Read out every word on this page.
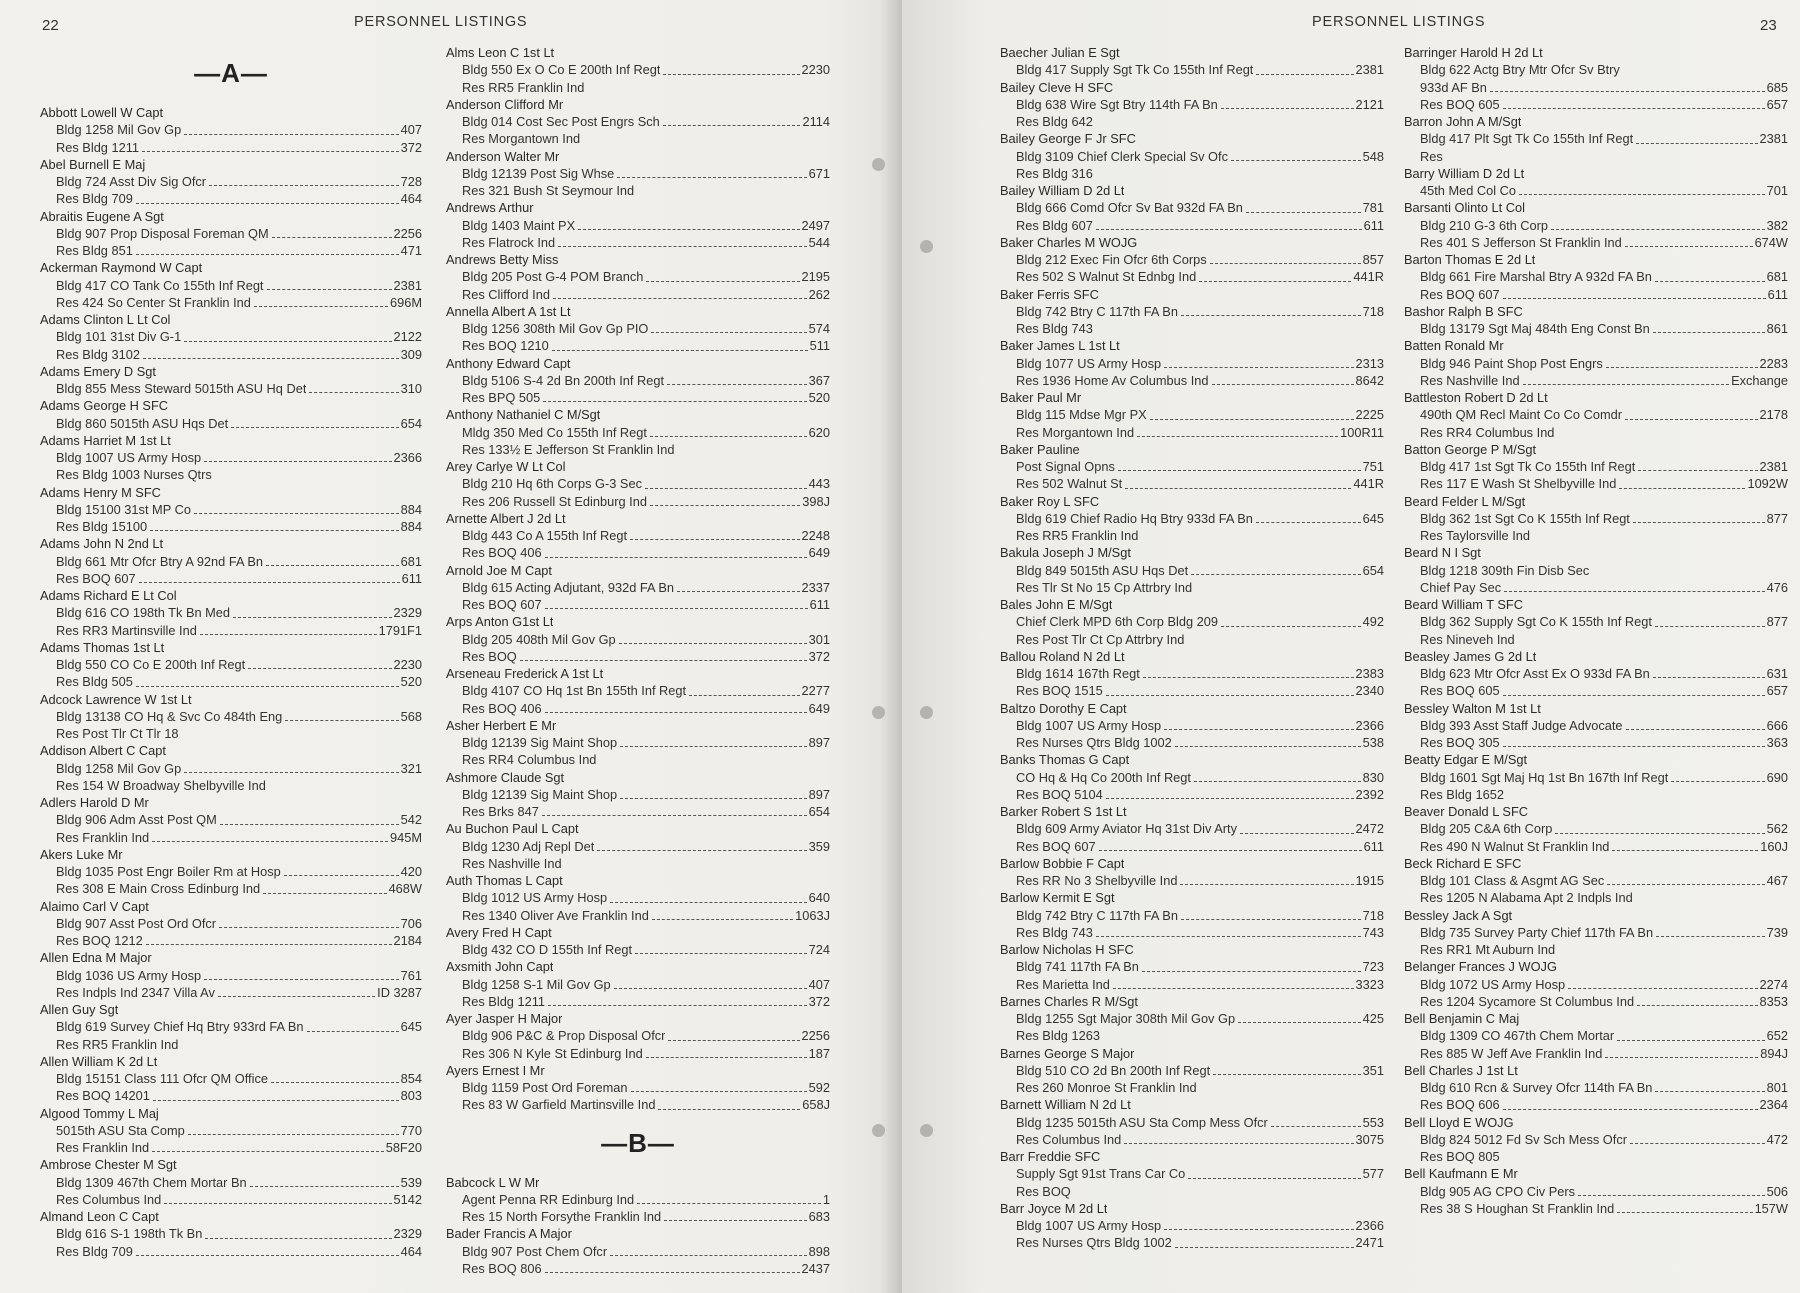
22	PERSONNEL LISTINGS
—A—
Abbott Lowell W Capt
Bldg 1258 Mil Gov Gp	407
Res Bldg 1211	372
Abel Burnell E Maj
Bldg 724 Asst Div Sig Ofcr	728
Res Bldg 709	464
Abraitis Eugene A Sgt
Bldg 907 Prop Disposal Foreman QM	2256
Res Bldg 851	471
Ackerman Raymond W Capt
Bldg 417 CO Tank Co 155th Inf Regt	2381
Res 424 So Center St Franklin Ind	696M
Adams Clinton L Lt Col
Bldg 101 31st Div G-1	2122
Res Bldg 3102	309
Adams Emery D Sgt
Bldg 855 Mess Steward 5015th ASU Hq Det	310
Adams George H SFC
Bldg 860 5015th ASU Hqs Det	654
Adams Harriet M 1st Lt
Bldg 1007 US Army Hosp	2366
Res Bldg 1003 Nurses Qtrs
Adams Henry M SFC
Bldg 15100 31st MP Co	884
Res Bldg 15100	884
Adams John N 2nd Lt
Bldg 661 Mtr Ofcr Btry A 92nd FA Bn	681
Res BOQ 607	611
Adams Richard E Lt Col
Bldg 616 CO 198th Tk Bn Med	2329
Res RR3 Martinsville Ind	1791F1
Adams Thomas 1st Lt
Bldg 550 CO Co E 200th Inf Regt	2230
Res Bldg 505	520
Adcock Lawrence W 1st Lt
Bldg 13138 CO Hq & Svc Co 484th Eng	568
Res Post Tlr Ct Tlr 18
Addison Albert C Capt
Bldg 1258 Mil Gov Gp	321
Res 154 W Broadway Shelbyville Ind
Adlers Harold D Mr
Bldg 906 Adm Asst Post QM	542
Res Franklin Ind	945M
Akers Luke Mr
Bldg 1035 Post Engr Boiler Rm at Hosp	420
Res 308 E Main Cross Edinburg Ind	468W
Alaimo Carl V Capt
Bldg 907 Asst Post Ord Ofcr	706
Res BOQ 1212	2184
Allen Edna M Major
Bldg 1036 US Army Hosp	761
Res Indpls Ind 2347 Villa Av	ID 3287
Allen Guy Sgt
Bldg 619 Survey Chief Hq Btry 933rd FA Bn	645
Res RR5 Franklin Ind
Allen William K 2d Lt
Bldg 15151 Class 111 Ofcr QM Office	854
Res BOQ 14201	803
Algood Tommy L Maj
5015th ASU Sta Comp	770
Res Franklin Ind	58F20
Ambrose Chester M Sgt
Bldg 1309 467th Chem Mortar Bn	539
Res Columbus Ind	5142
Almand Leon C Capt
Bldg 616 S-1 198th Tk Bn	2329
Res Bldg 709	464
Alms Leon C 1st Lt
Bldg 550 Ex O Co E 200th Inf Regt	2230
Res RR5 Franklin Ind
Anderson Clifford Mr
Bldg 014 Cost Sec Post Engrs Sch	2114
Res Morgantown Ind
Anderson Walter Mr
Bldg 12139 Post Sig Whse	671
Res 321 Bush St Seymour Ind
Andrews Arthur
Bldg 1403 Maint PX	2497
Res Flatrock Ind	544
Andrews Betty Miss
Bldg 205 Post G-4 POM Branch	2195
Res Clifford Ind	262
Annella Albert A 1st Lt
Bldg 1256 308th Mil Gov Gp PIO	574
Res BOQ 1210	511
Anthony Edward Capt
Bldg 5106 S-4 2d Bn 200th Inf Regt	367
Res BPQ 505	520
Anthony Nathaniel C M/Sgt
Mldg 350 Med Co 155th Inf Regt	620
Res 133½ E Jefferson St Franklin Ind
Arey Carlye W Lt Col
Bldg 210 Hq 6th Corps G-3 Sec	443
Res 206 Russell St Edinburg Ind	398J
Arnette Albert J 2d Lt
Bldg 443 Co A 155th Inf Regt	2248
Res BOQ 406	649
Arnold Joe M Capt
Bldg 615 Acting Adjutant, 932d FA Bn	2337
Res BOQ 607	611
Arps Anton G1st Lt
Bldg 205 408th Mil Gov Gp	301
Res BOQ	372
Arseneau Frederick A 1st Lt
Bldg 4107 CO Hq 1st Bn 155th Inf Regt	2277
Res BOQ 406	649
Asher Herbert E Mr
Bldg 12139 Sig Maint Shop	897
Res RR4 Columbus Ind
Ashmore Claude Sgt
Bldg 12139 Sig Maint Shop	897
Res Brks 847	654
Au Buchon Paul L Capt
Bldg 1230 Adj Repl Det	359
Res Nashville Ind
Auth Thomas L Capt
Bldg 1012 US Army Hosp	640
Res 1340 Oliver Ave Franklin Ind	1063J
Avery Fred H Capt
Bldg 432 CO D 155th Inf Regt	724
Axsmith John Capt
Bldg 1258 S-1 Mil Gov Gp	407
Res Bldg 1211	372
Ayer Jasper H Major
Bldg 906 P&C & Prop Disposal Ofcr	2256
Res 306 N Kyle St Edinburg Ind	187
Ayers Ernest I Mr
Bldg 1159 Post Ord Foreman	592
Res 83 W Garfield Martinsville Ind	658J
—B—
Babcock L W Mr
Agent Penna RR Edinburg Ind	1
Res 15 North Forsythe Franklin Ind	683
Bader Francis A Major
Bldg 907 Post Chem Ofcr	898
Res BOQ 806	2437
PERSONNEL LISTINGS	23
Baecher Julian E Sgt
Bldg 417 Supply Sgt Tk Co 155th Inf Regt	2381
Bailey Cleve H SFC
Bldg 638 Wire Sgt Btry 114th FA Bn	2121
Res Bldg 642
Bailey George F Jr SFC
Bldg 3109 Chief Clerk Special Sv Ofc	548
Res Bldg 316
Bailey William D 2d Lt
Bldg 666 Comd Ofcr Sv Bat 932d FA Bn	781
Res Bldg 607	611
Baker Charles M WOJG
Bldg 212 Exec Fin Ofcr 6th Corps	857
Res 502 S Walnut St Ednbg Ind	441R
Baker Ferris SFC
Bldg 742 Btry C 117th FA Bn	718
Res Bldg 743
Baker James L 1st Lt
Bldg 1077 US Army Hosp	2313
Res 1936 Home Av Columbus Ind	8642
Baker Paul Mr
Bldg 115 Mdse Mgr PX	2225
Res Morgantown Ind	100R11
Baker Pauline
Post Signal Opns	751
Res 502 Walnut St	441R
Baker Roy L SFC
Bldg 619 Chief Radio Hq Btry 933d FA Bn	645
Res RR5 Franklin Ind
Bakula Joseph J M/Sgt
Bldg 849 5015th ASU Hqs Det	654
Res Tlr St No 15 Cp Attrbry Ind
Bales John E M/Sgt
Chief Clerk MPD 6th Corp Bldg 209	492
Res Post Tlr Ct Cp Attrbry Ind
Ballou Roland N 2d Lt
Bldg 1614 167th Regt	2383
Res BOQ 1515	2340
Baltzo Dorothy E Capt
Bldg 1007 US Army Hosp	2366
Res Nurses Qtrs Bldg 1002	538
Banks Thomas G Capt
CO Hq & Hq Co 200th Inf Regt	830
Res BOQ 5104	2392
Barker Robert S 1st Lt
Bldg 609 Army Aviator Hq 31st Div Arty	2472
Res BOQ 607	611
Barlow Bobbie F Capt
Res RR No 3 Shelbyville Ind	1915
Barlow Kermit E Sgt
Bldg 742 Btry C 117th FA Bn	718
Res Bldg 743	743
Barlow Nicholas H SFC
Bldg 741 117th FA Bn	723
Res Marietta Ind	3323
Barnes Charles R M/Sgt
Bldg 1255 Sgt Major 308th Mil Gov Gp	425
Res Bldg 1263
Barnes George S Major
Bldg 510 CO 2d Bn 200th Inf Regt	351
Res 260 Monroe St Franklin Ind
Barnett William N 2d Lt
Bldg 1235 5015th ASU Sta Comp Mess Ofcr	553
Res Columbus Ind	3075
Barr Freddie SFC
Supply Sgt 91st Trans Car Co	577
Res BOQ
Barr Joyce M 2d Lt
Bldg 1007 US Army Hosp	2366
Res Nurses Qtrs Bldg 1002	2471
Barringer Harold H 2d Lt
Bldg 622 Actg Btry Mtr Ofcr Sv Btry
933d AF Bn	685
Res BOQ 605	657
Barron John A M/Sgt
Bldg 417 Plt Sgt Tk Co 155th Inf Regt	2381
Res
Barry William D 2d Lt
45th Med Col Co	701
Barsanti Olinto Lt Col
Bldg 210 G-3 6th Corp	382
Res 401 S Jefferson St Franklin Ind	674W
Barton Thomas E 2d Lt
Bldg 661 Fire Marshal Btry A 932d FA Bn	681
Res BOQ 607	611
Bashor Ralph B SFC
Bldg 13179 Sgt Maj 484th Eng Const Bn	861
Batten Ronald Mr
Bldg 946 Paint Shop Post Engrs	2283
Res Nashville Ind	Exchange
Battleston Robert D 2d Lt
490th QM Recl Maint Co Co Comdr	2178
Res RR4 Columbus Ind
Batton George P M/Sgt
Bldg 417 1st Sgt Tk Co 155th Inf Regt	2381
Res 117 E Wash St Shelbyville Ind	1092W
Beard Felder L M/Sgt
Bldg 362 1st Sgt Co K 155th Inf Regt	877
Res Taylorsville Ind
Beard N I Sgt
Bldg 1218 309th Fin Disb Sec
Chief Pay Sec	476
Beard William T SFC
Bldg 362 Supply Sgt Co K 155th Inf Regt	877
Res Nineveh Ind
Beasley James G 2d Lt
Bldg 623 Mtr Ofcr Asst Ex O 933d FA Bn	631
Res BOQ 605	657
Bessley Walton M 1st Lt
Bldg 393 Asst Staff Judge Advocate	666
Res BOQ 305	363
Beatty Edgar E M/Sgt
Bldg 1601 Sgt Maj Hq 1st Bn 167th Inf Regt	690
Res Bldg 1652
Beaver Donald L SFC
Bldg 205 C&A 6th Corp	562
Res 490 N Walnut St Franklin Ind	160J
Beck Richard E SFC
Bldg 101 Class & Asgmt AG Sec	467
Res 1205 N Alabama Apt 2 Indpls Ind
Bessley Jack A Sgt
Bldg 735 Survey Party Chief 117th FA Bn	739
Res RR1 Mt Auburn Ind
Belanger Frances J WOJG
Bldg 1072 US Army Hosp	2274
Res 1204 Sycamore St Columbus Ind	8353
Bell Benjamin C Maj
Bldg 1309 CO 467th Chem Mortar	652
Res 885 W Jeff Ave Franklin Ind	894J
Bell Charles J 1st Lt
Bldg 610 Rcn & Survey Ofcr 114th FA Bn	801
Res BOQ 606	2364
Bell Lloyd E WOJG
Bldg 824 5012 Fd Sv Sch Mess Ofcr	472
Res BOQ 805
Bell Kaufmann E Mr
Bldg 905 AG CPO Civ Pers	506
Res 38 S Houghan St Franklin Ind	157W
